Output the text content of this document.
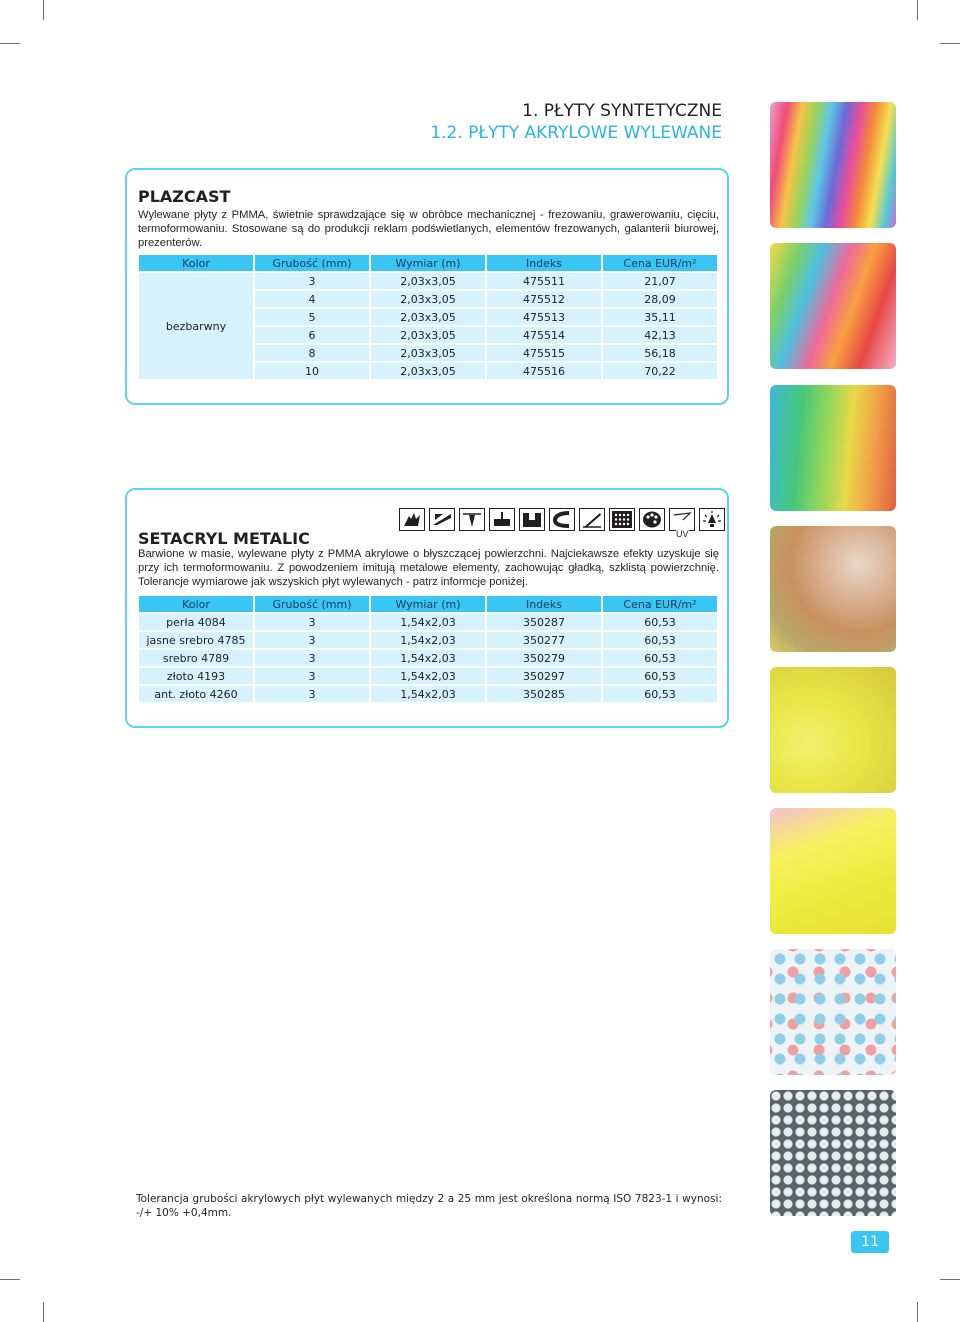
1. PŁYTY SYNTETYCZNE
1.2. PŁYTY AKRYLOWE WYLEWANE
PLAZCAST
Wylewane płyty z PMMA, świetnie sprawdzające się w obróbce mechanicznej - frezowaniu, grawerowaniu, cięciu, termoformowaniu. Stosowane są do produkcji reklam podświetlanych, elementów frezowanych, galanterii biurowej, prezenterów.
Kolor	Grubość (mm)	Wymiar (m)	Indeks	Cena EUR/m²
bezbarwny	3	2,03x3,05	475511	21,07
	4	2,03x3,05	475512	28,09
	5	2,03x3,05	475513	35,11
	6	2,03x3,05	475514	42,13
	8	2,03x3,05	475515	56,18
	10	2,03x3,05	475516	70,22
UV
SETACRYL METALIC
Barwione w masie, wylewane płyty z PMMA akrylowe o błyszczącej powierzchni. Najciekawsze efekty uzyskuje się przy ich termoformowaniu. Z powodzeniem imitują metalowe elementy, zachowując gładką, szklistą powierzchnię. Tolerancje wymiarowe jak wszyskich płyt wylewanych - patrz informcje poniżej.
Kolor	Grubość (mm)	Wymiar (m)	Indeks	Cena EUR/m²
perła 4084	3	1,54x2,03	350287	60,53
jasne srebro 4785	3	1,54x2,03	350277	60,53
srebro 4789	3	1,54x2,03	350279	60,53
złoto 4193	3	1,54x2,03	350297	60,53
ant. złoto 4260	3	1,54x2,03	350285	60,53
Tolerancja grubości akrylowych płyt wylewanych między 2 a 25 mm jest określona normą ISO 7823-1 i wynosi: -/+ 10% +0,4mm.
11
